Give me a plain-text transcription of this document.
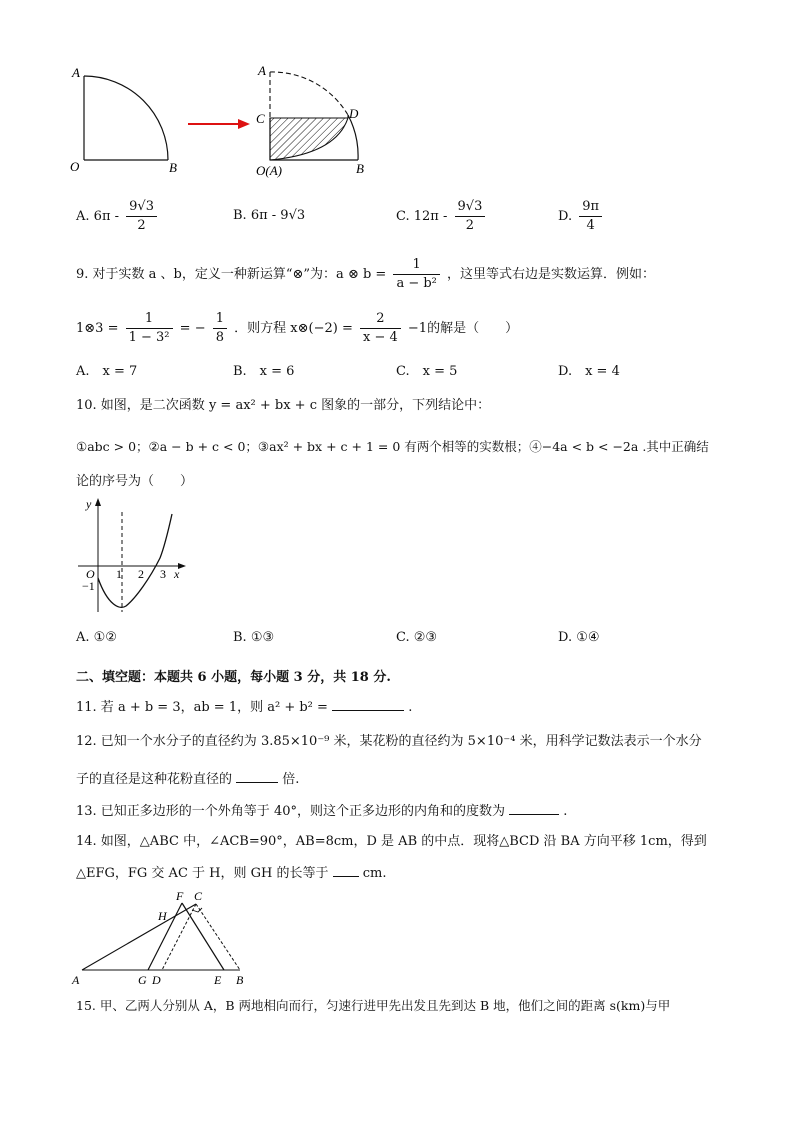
A
O	B
A
C	D
O(A)	B
A. $6\pi - \frac{9√3}{2}$	B. 6π - 9√3	C. $12\pi - \frac{9√3}{2}$	D. $\frac{9\pi}{4}$
9. 对于实数 a 、b，定义一种新运算“⊗”为：a ⊗ $b = \frac{1}{\text{a − b²}}$ ，这里等式右边是实数运算．例如：
1⊗3 = $\frac{1}{\text{1 − 3²}}$ = − $\frac{1}{8}$ ．则方程 x⊗(−2) = $\frac{2}{x - 4} -1$的解是（　　）
A.　x = 7	B.　x = 6	C.　x = 5	D.　x = 4
10. 如图，是二次函数 y = ax² + bx + c 图象的一部分，下列结论中：
①abc > 0；②a − b + c < 0；③ax² + bx + c + 1 = 0 有两个相等的实数根；④−4a < b < −2a .其中正确结
论的序号为（　　）
y
x
O 1 2 3
−1
A. ①②	B. ①③	C. ②③	D. ①④
二、填空题：本题共 6 小题，每小题 3 分，共 18 分.
11. 若 a + b = 3，ab = 1，则 a² + b² =	.
12. 已知一个水分子的直径约为 3.85×10⁻⁹ 米，某花粉的直径约为 5×10⁻⁴ 米，用科学记数法表示一个水分
子的直径是这种花粉直径的	倍.
13. 已知正多边形的一个外角等于 40°，则这个正多边形的内角和的度数为	.
14. 如图，△ABC 中，∠ACB=90°，AB=8cm，D 是 AB 的中点．现将△BCD 沿 BA 方向平移 1cm，得到
△EFG，FG 交 AC 于 H，则 GH 的长等于	cm.
A	G D	E B
H
F C
15. 甲、乙两人分别从 A，B 两地相向而行，匀速行进甲先出发且先到达 B 地，他们之间的距离 s(km)与甲
